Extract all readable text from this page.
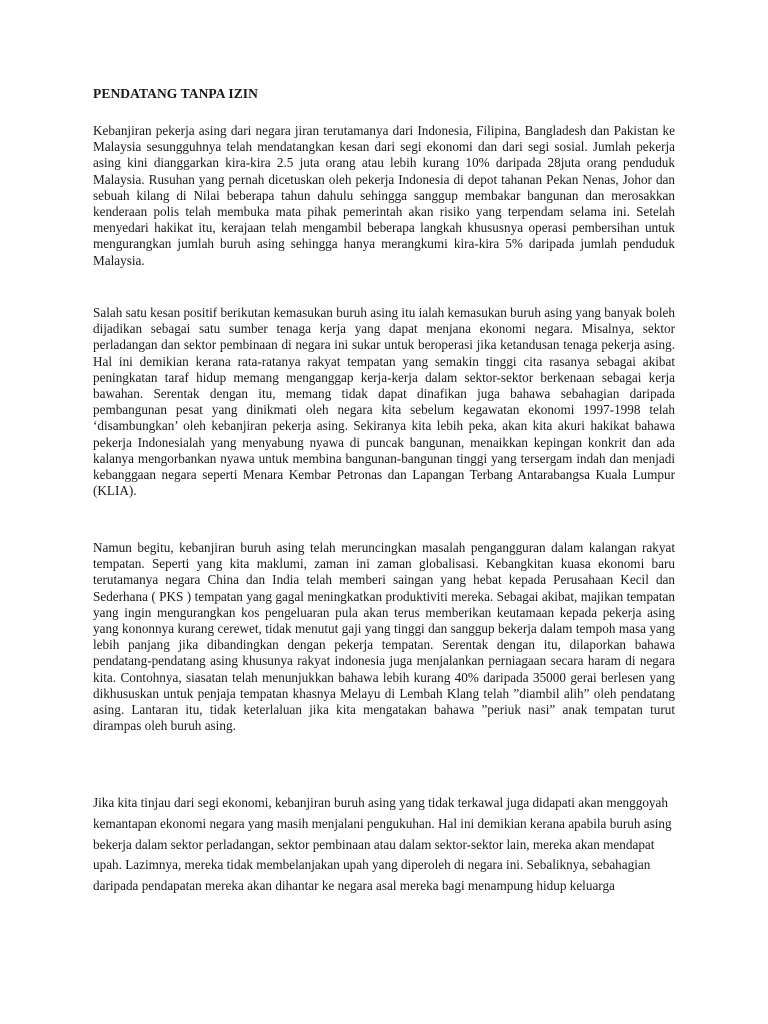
PENDATANG TANPA IZIN

Kebanjiran pekerja asing dari negara jiran terutamanya dari Indonesia, Filipina, Bangladesh dan Pakistan ke Malaysia sesungguhnya telah mendatangkan kesan dari segi ekonomi dan dari segi sosial. Jumlah pekerja asing kini dianggarkan kira-kira 2.5 juta orang atau lebih kurang 10% daripada 28juta orang penduduk Malaysia. Rusuhan yang pernah dicetuskan oleh pekerja Indonesia di depot tahanan Pekan Nenas, Johor dan sebuah kilang di Nilai beberapa tahun dahulu sehingga sanggup membakar bangunan dan merosakkan kenderaan polis telah membuka mata pihak pemerintah akan risiko yang terpendam selama ini. Setelah menyedari hakikat itu, kerajaan telah mengambil beberapa langkah khususnya operasi pembersihan untuk mengurangkan jumlah buruh asing sehingga hanya merangkumi kira-kira 5% daripada jumlah penduduk Malaysia.

Salah satu kesan positif berikutan kemasukan buruh asing itu ialah kemasukan buruh asing yang banyak boleh dijadikan sebagai satu sumber tenaga kerja yang dapat menjana ekonomi negara. Misalnya, sektor perladangan dan sektor pembinaan di negara ini sukar untuk beroperasi jika ketandusan tenaga pekerja asing. Hal ini demikian kerana rata-ratanya rakyat tempatan yang semakin tinggi cita rasanya sebagai akibat peningkatan taraf hidup memang menganggap kerja-kerja dalam sektor-sektor berkenaan sebagai kerja bawahan. Serentak dengan itu, memang tidak dapat dinafikan juga bahawa sebahagian daripada pembangunan pesat yang dinikmati oleh negara kita sebelum kegawatan ekonomi 1997-1998 telah ‘disambungkan’ oleh kebanjiran pekerja asing. Sekiranya kita lebih peka, akan kita akuri hakikat bahawa pekerja Indonesialah yang menyabung nyawa di puncak bangunan, menaikkan kepingan konkrit dan ada kalanya mengorbankan nyawa untuk membina bangunan-bangunan tinggi yang tersergam indah dan menjadi kebanggaan negara seperti Menara Kembar Petronas dan Lapangan Terbang Antarabangsa Kuala Lumpur (KLIA).

Namun begitu, kebanjiran buruh asing telah meruncingkan masalah pengangguran dalam kalangan rakyat tempatan. Seperti yang kita maklumi, zaman ini zaman globalisasi. Kebangkitan kuasa ekonomi baru terutamanya negara China dan India telah memberi saingan yang hebat kepada Perusahaan Kecil dan Sederhana ( PKS ) tempatan yang gagal meningkatkan produktiviti mereka. Sebagai akibat, majikan tempatan yang ingin mengurangkan kos pengeluaran pula akan terus memberikan keutamaan kepada pekerja asing yang kononnya kurang cerewet, tidak menutut gaji yang tinggi dan sanggup bekerja dalam tempoh masa yang lebih panjang jika dibandingkan dengan pekerja tempatan. Serentak dengan itu, dilaporkan bahawa pendatang-pendatang asing khusunya rakyat indonesia juga menjalankan perniagaan secara haram di negara kita. Contohnya, siasatan telah menunjukkan bahawa lebih kurang 40% daripada 35000 gerai berlesen yang dikhususkan untuk penjaja tempatan khasnya Melayu di Lembah Klang telah ”diambil alih” oleh pendatang asing. Lantaran itu, tidak keterlaluan jika kita mengatakan bahawa ”periuk nasi” anak tempatan turut dirampas oleh buruh asing.

Jika kita tinjau dari segi ekonomi, kebanjiran buruh asing yang tidak terkawal juga didapati akan menggoyah kemantapan ekonomi negara yang masih menjalani pengukuhan. Hal ini demikian kerana apabila buruh asing bekerja dalam sektor perladangan, sektor pembinaan atau dalam sektor-sektor lain, mereka akan mendapat upah. Lazimnya, mereka tidak membelanjakan upah yang diperoleh di negara ini. Sebaliknya, sebahagian daripada pendapatan mereka akan dihantar ke negara asal mereka bagi menampung hidup keluarga
